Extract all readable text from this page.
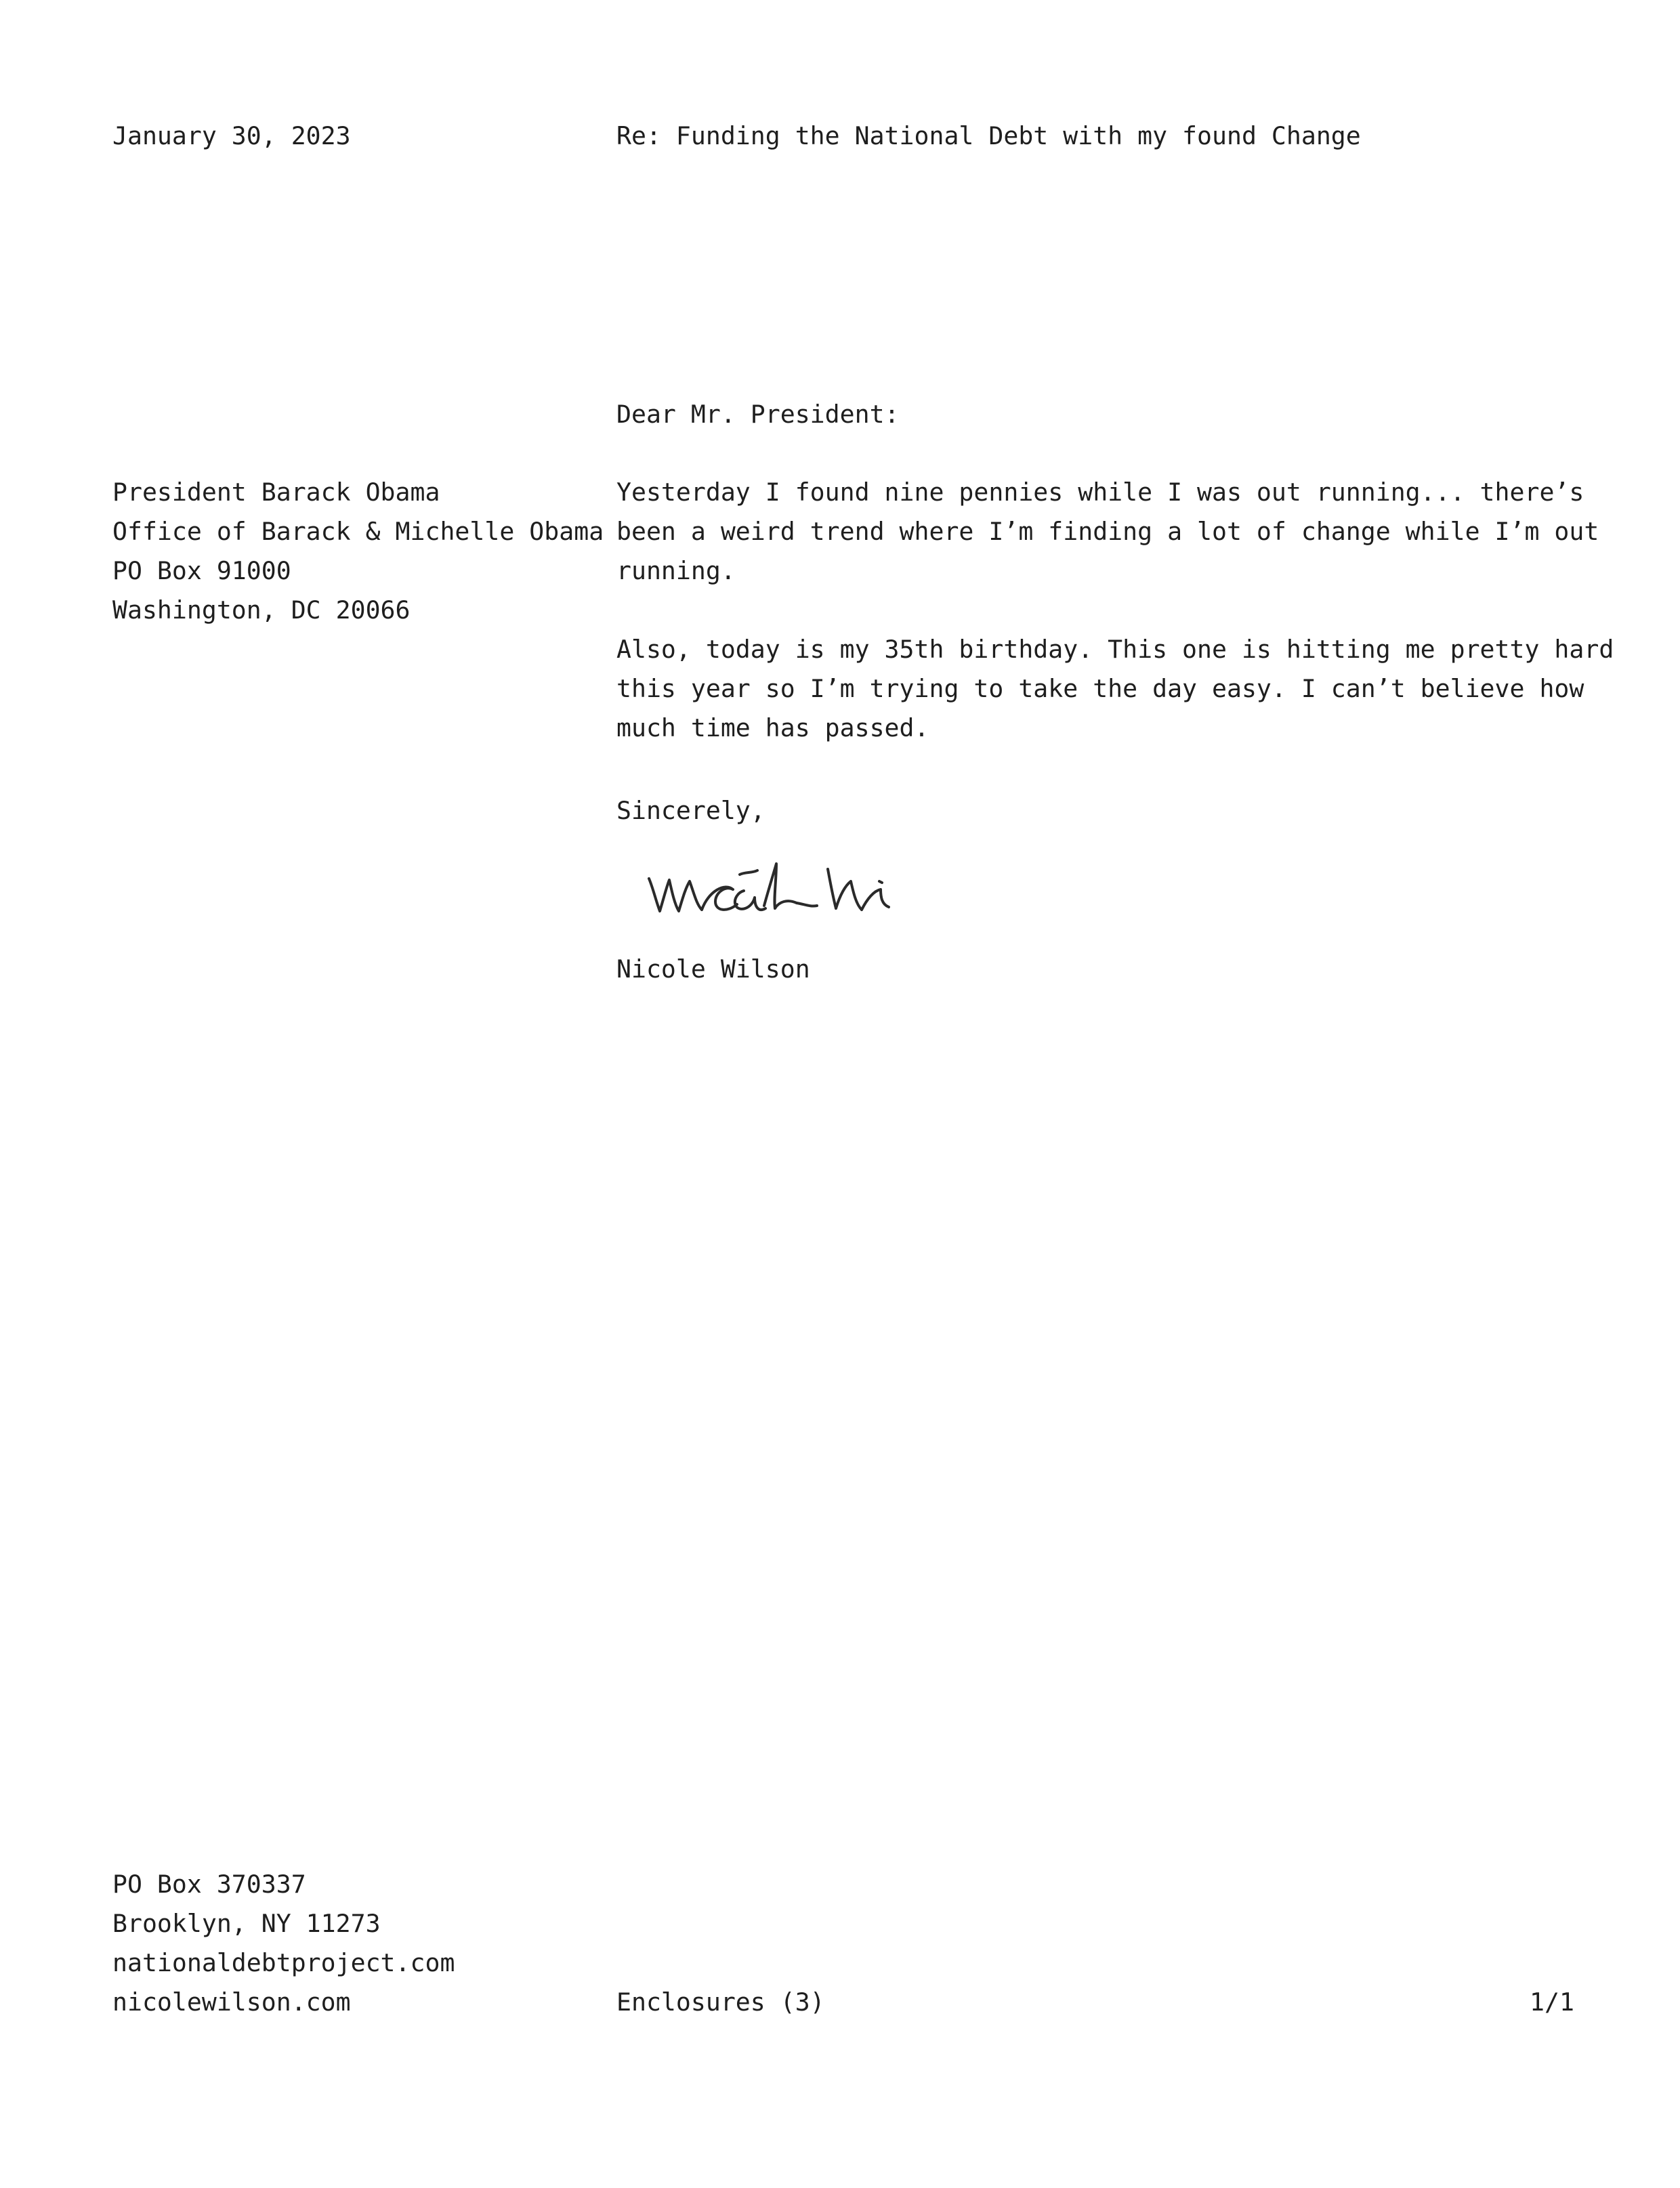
January 30, 2023	Re: Funding the National Debt with my found Change
Dear Mr. President:
President Barack Obama
Office of Barack & Michelle Obama
PO Box 91000
Washington, DC 20066
Yesterday I found nine pennies while I was out running... there’s
been a weird trend where I’m finding a lot of change while I’m out
running.
Also, today is my 35th birthday. This one is hitting me pretty hard
this year so I’m trying to take the day easy. I can’t believe how
much time has passed.
Sincerely,
Nicole Wilson
PO Box 370337
Brooklyn, NY 11273
nationaldebtproject.com
nicolewilson.com	Enclosures (3)	1/1
